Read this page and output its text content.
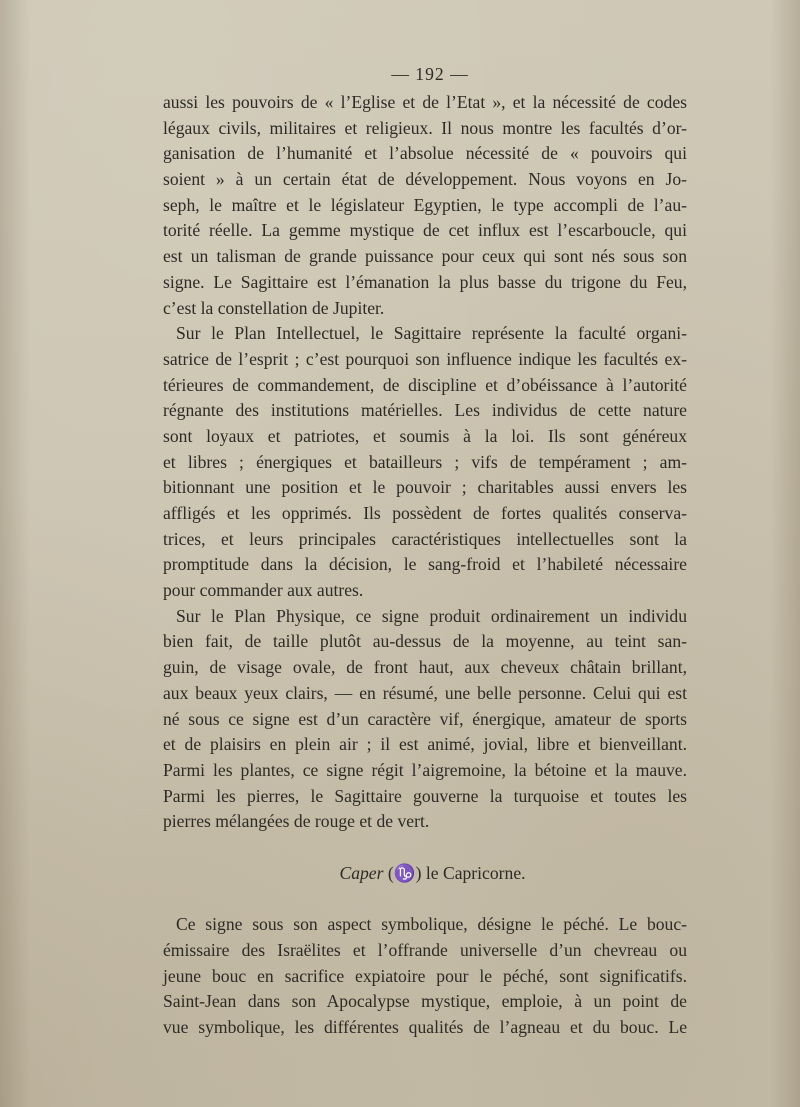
— 192 —
aussi les pouvoirs de « l’Eglise et de l’Etat », et la nécessité de codes
légaux civils, militaires et religieux. Il nous montre les facultés d’or-
ganisation de l’humanité et l’absolue nécessité de « pouvoirs qui
soient » à un certain état de développement. Nous voyons en Jo-
seph, le maître et le législateur Egyptien, le type accompli de l’au-
torité réelle. La gemme mystique de cet influx est l’escarboucle, qui
est un talisman de grande puissance pour ceux qui sont nés sous son
signe. Le Sagittaire est l’émanation la plus basse du trigone du Feu,
c’est la constellation de Jupiter.
Sur le Plan Intellectuel, le Sagittaire représente la faculté organi-
satrice de l’esprit ; c’est pourquoi son influence indique les facultés ex-
térieures de commandement, de discipline et d’obéissance à l’autorité
régnante des institutions matérielles. Les individus de cette nature
sont loyaux et patriotes, et soumis à la loi. Ils sont généreux
et libres ; énergiques et batailleurs ; vifs de tempérament ; am-
bitionnant une position et le pouvoir ; charitables aussi envers les
affligés et les opprimés. Ils possèdent de fortes qualités conserva-
trices, et leurs principales caractéristiques intellectuelles sont la
promptitude dans la décision, le sang-froid et l’habileté nécessaire
pour commander aux autres.
Sur le Plan Physique, ce signe produit ordinairement un individu
bien fait, de taille plutôt au-dessus de la moyenne, au teint san-
guin, de visage ovale, de front haut, aux cheveux châtain brillant,
aux beaux yeux clairs, — en résumé, une belle personne. Celui qui est
né sous ce signe est d’un caractère vif, énergique, amateur de sports
et de plaisirs en plein air ; il est animé, jovial, libre et bienveillant.
Parmi les plantes, ce signe régit l’aigremoine, la bétoine et la mauve.
Parmi les pierres, le Sagittaire gouverne la turquoise et toutes les
pierres mélangées de rouge et de vert.
Caper (♑) le Capricorne.
Ce signe sous son aspect symbolique, désigne le péché. Le bouc-
émissaire des Israëlites et l’offrande universelle d’un chevreau ou
jeune bouc en sacrifice expiatoire pour le péché, sont significatifs.
Saint-Jean dans son Apocalypse mystique, emploie, à un point de
vue symbolique, les différentes qualités de l’agneau et du bouc. Le
